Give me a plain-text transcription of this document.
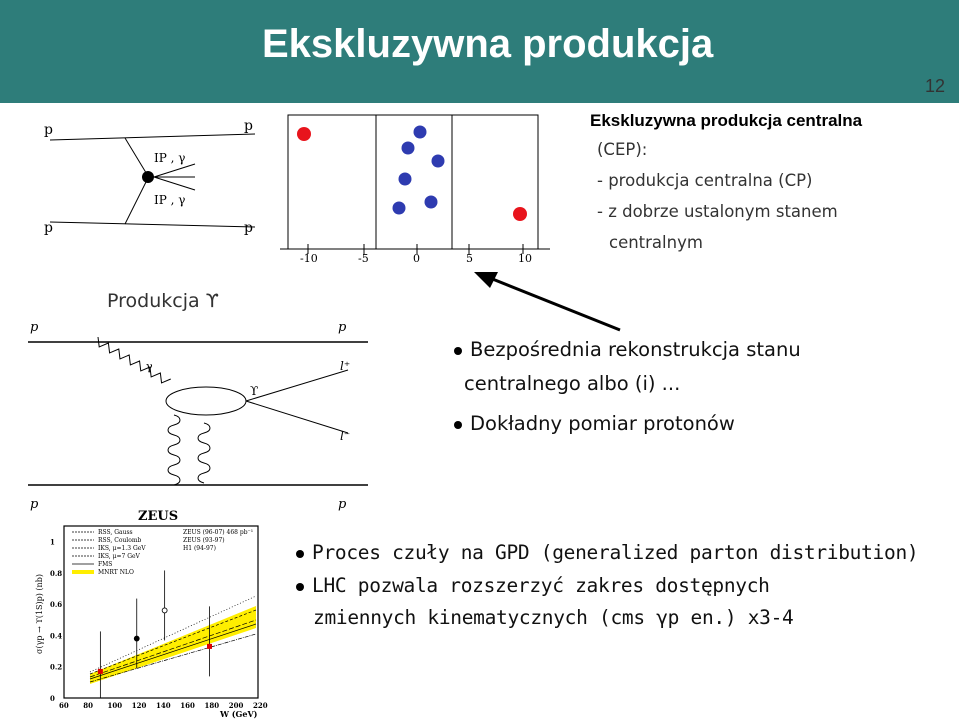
Ekskluzywna produkcja
12
p	p
p	p
IP , γ
IP , γ
-10	-5	0	5	10
Ekskluzywna produkcja centralna
(CEP):
- produkcja centralna (CP)
- z dobrze ustalonym stanem
centralnym
Produkcja ϒ
p	p
p	p
γ
ϒ
l⁺
l⁻
Bezpośrednia rekonstrukcja stanu
centralnego albo (i) ...
Dokładny pomiar protonów
ZEUS
σ(γp → ϒ(1S)p) (nb)
W (GeV)
RSS, Gauss
RSS, Coulomb
IKS, μ=1.3 GeV
IKS, μ=7 GeV
FMS
MNRT NLO
ZEUS (96-07) 468 pb⁻¹
ZEUS (93-97)
H1 (94-97)
60 80 100 120 140 160 180 200 220
0
0.2
0.4
0.6
0.8
1	Proces czuły na GPD (generalized parton distribution)
LHC pozwala rozszerzyć zakres dostępnych
zmiennych kinematycznych (cms γp en.) x3-4
